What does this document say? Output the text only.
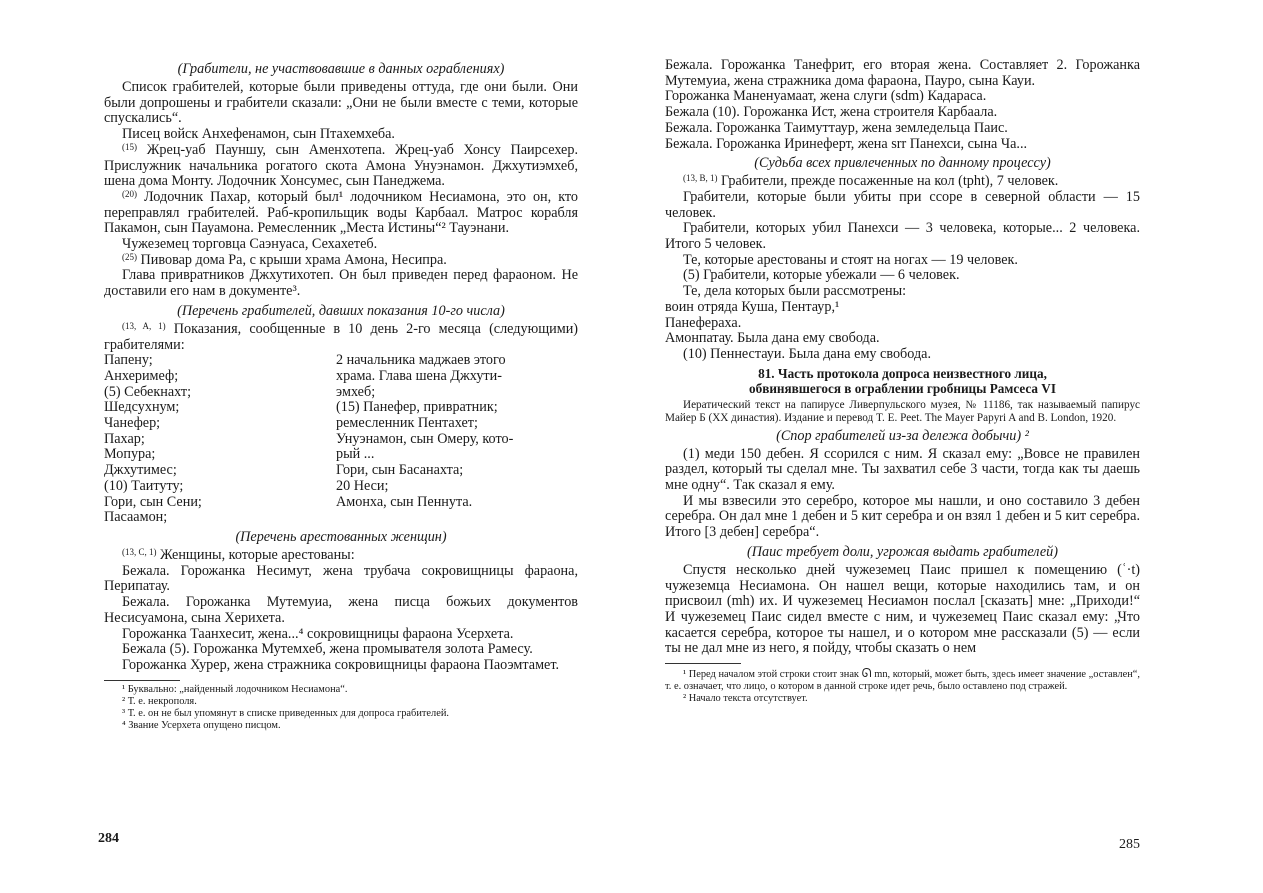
(Грабители, не участвовавшие в данных ограблениях)

Список грабителей, которые были приведены оттуда, где они были. Они были допрошены и грабители сказали: „Они не были вместе с теми, которые спускались“.

Писец войск Анхефенамон, сын Птахемхеба.

$^{(15)}$ Жрец-уаб Пауншу, сын Аменхотепа. Жрец-уаб Хонсу Паирсехер. Прислужник начальника рогатого скота Амона Унуэнамон. Джхутиэмхеб, шена дома Монту. Лодочник Хонсумес, сын Панеджема.

$^{(20)}$ Лодочник Пахар, который был¹ лодочником Несиамона, это он, кто переправлял грабителей. Раб-кропильщик воды Карбаал. Матрос корабля Пакамон, сын Пауамона. Ремесленник „Места Истины“² Тауэнани.

Чужеземец торговца Саэнуаса, Сехахетеб.

$^{(25)}$ Пивовар дома Ра, с крыши храма Амона, Несипра.

Глава привратников Джхутихотеп. Он был приведен перед фараоном. Не доставили его нам в документе³.

(Перечень грабителей, давших показания 10-го числа)

$^{(13, A, 1)}$ Показания, сообщенные в 10 день 2-го месяца (следующими) грабителями:

Папену;
Анхеримеф;
(5) Себекнахт;
Шедсухнум;
Чанефер;
Пахар;
Мопура;
Джхутимес;
(10) Таитуту;
Гори, сын Сени;
Пасаамон;
2 начальника маджаев этого
храма. Глава шена Джхути-
эмхеб;
(15) Панефер, привратник;
ремесленник Пентахет;
Унуэнамон, сын Омеру, кото-
рый ...
Гори, сын Басанахта;
20 Неси;
Амонха, сын Пеннута.

(Перечень арестованных женщин)

$^{(13, C, 1)}$ Женщины, которые арестованы:

Бежала. Горожанка Несимут, жена трубача сокровищницы фараона, Перипатау.

Бежала. Горожанка Мутемуиа, жена писца божьих документов Несисуамона, сына Херихета.

Горожанка Таанхесит, жена...⁴ сокровищницы фараона Усерхета.

Бежала (5). Горожанка Мутемхеб, жена промывателя золота Рамесу.

Горожанка Хурер, жена стражника сокровищницы фараона Паоэмтамет.

¹ Буквально: „найденный лодочником Несиамона“.

² Т. е. некрополя.

³ Т. е. он не был упомянут в списке приведенных для допроса грабителей.

⁴ Звание Усерхета опущено писцом.

284

Бежала. Горожанка Танефрит, его вторая жена. Составляет 2. Горожанка Мутемуиа, жена стражника дома фараона, Пауро, сына Кауи.

Горожанка Маненуамаат, жена слуги (sdm) Кадараса.

Бежала (10). Горожанка Ист, жена строителя Карбаала.

Бежала. Горожанка Таимуттаур, жена земледельца Паис.

Бежала. Горожанка Иринеферт, жена srr Панехси, сына Ча...

(Судьба всех привлеченных по данному процессу)

$^{(13, B, 1)}$ Грабители, прежде посаженные на кол (tpht), 7 человек.

Грабители, которые были убиты при ссоре в северной области — 15 человек.

Грабители, которых убил Панехси — 3 человека, которые... 2 человека. Итого 5 человек.

Те, которые арестованы и стоят на ногах — 19 человек.

(5) Грабители, которые убежали — 6 человек.

Те, дела которых были рассмотрены:

воин отряда Куша, Пентаур,¹

Панефераха.

Амонпатау. Была дана ему свобода.

(10) Пеннестауи. Была дана ему свобода.

81. Часть протокола допроса неизвестного лица,
обвинявшегося в ограблении гробницы Рамсеса VI

Иератический текст на папирусе Ливерпульского музея, № 11186, так называемый папирус Майер Б (XX династия). Издание и перевод T. E. Peet. The Mayer Papyri A and B. London, 1920.

(Спор грабителей из-за дележа добычи) ²

(1) меди 150 дебен. Я ссорился с ним. Я сказал ему: „Вовсе не правилен раздел, который ты сделал мне. Ты захватил себе 3 части, тогда как ты даешь мне одну“. Так сказал я ему.

И мы взвесили это серебро, которое мы нашли, и оно составило 3 дебен серебра. Он дал мне 1 дебен и 5 кит серебра и он взял 1 дебен и 5 кит серебра. Итого [3 дебен] серебра“.

(Паис требует доли, угрожая выдать грабителей)

Спустя несколько дней чужеземец Паис пришел к помещению (ʿ·t) чужеземца Несиамона. Он нашел вещи, которые находились там, и он присвоил (mh) их. И чужеземец Несиамон послал [сказать] мне: „Приходи!“ И чужеземец Паис сидел вместе с ним, и чужеземец Паис сказал ему: „Что касается серебра, которое ты нашел, и о котором мне рассказали (5) — если ты не дал мне из него, я пойду, чтобы сказать о нем

¹ Перед началом этой строки стоит знак ᘏ mn, который, может быть, здесь имеет значение „оставлен“, т. е. означает, что лицо, о котором в данной строке идет речь, было оставлено под стражей.

² Начало текста отсутствует.

285
